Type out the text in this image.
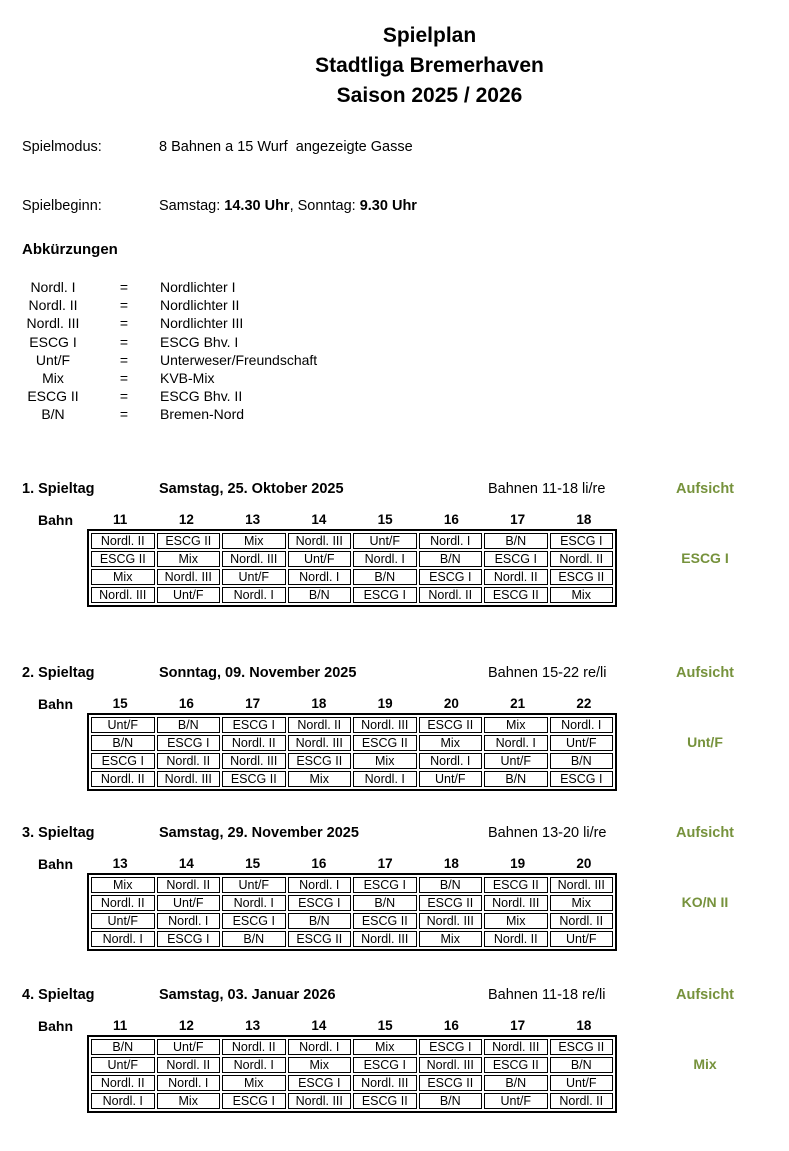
Spielplan
Stadtliga Bremerhaven
Saison 2025 / 2026
Spielmodus:	8 Bahnen a 15 Wurf  angezeigte Gasse
Spielbeginn:	Samstag: 14.30 Uhr, Sonntag: 9.30 Uhr
Abkürzungen
Nordl. I	=	Nordlichter I
Nordl. II	=	Nordlichter II
Nordl. III	=	Nordlichter III
ESCG I	=	ESCG Bhv. I
Unt/F	=	Unterweser/Freundschaft
Mix	=	KVB-Mix
ESCG II	=	ESCG Bhv. II
B/N	=	Bremen-Nord
1. Spieltag	Samstag, 25. Oktober 2025	Bahnen 11-18 li/re	Aufsicht
Bahn	11	12	13	14	15	16	17	18
Nordl. II	ESCG II	Mix	Nordl. III	Unt/F	Nordl. I	B/N	ESCG I
ESCG II	Mix	Nordl. III	Unt/F	Nordl. I	B/N	ESCG I	Nordl. II
Mix	Nordl. III	Unt/F	Nordl. I	B/N	ESCG I	Nordl. II	ESCG II
Nordl. III	Unt/F	Nordl. I	B/N	ESCG I	Nordl. II	ESCG II	Mix
ESCG I
2. Spieltag	Sonntag, 09. November 2025	Bahnen 15-22 re/li	Aufsicht
Bahn	15	16	17	18	19	20	21	22
Unt/F	B/N	ESCG I	Nordl. II	Nordl. III	ESCG II	Mix	Nordl. I
B/N	ESCG I	Nordl. II	Nordl. III	ESCG II	Mix	Nordl. I	Unt/F
ESCG I	Nordl. II	Nordl. III	ESCG II	Mix	Nordl. I	Unt/F	B/N
Nordl. II	Nordl. III	ESCG II	Mix	Nordl. I	Unt/F	B/N	ESCG I
Unt/F
3. Spieltag	Samstag, 29. November 2025	Bahnen 13-20 li/re	Aufsicht
Bahn	13	14	15	16	17	18	19	20
Mix	Nordl. II	Unt/F	Nordl. I	ESCG I	B/N	ESCG II	Nordl. III
Nordl. II	Unt/F	Nordl. I	ESCG I	B/N	ESCG II	Nordl. III	Mix
Unt/F	Nordl. I	ESCG I	B/N	ESCG II	Nordl. III	Mix	Nordl. II
Nordl. I	ESCG I	B/N	ESCG II	Nordl. III	Mix	Nordl. II	Unt/F
KO/N II
4. Spieltag	Samstag, 03. Januar 2026	Bahnen 11-18 re/li	Aufsicht
Bahn	11	12	13	14	15	16	17	18
B/N	Unt/F	Nordl. II	Nordl. I	Mix	ESCG I	Nordl. III	ESCG II
Unt/F	Nordl. II	Nordl. I	Mix	ESCG I	Nordl. III	ESCG II	B/N
Nordl. II	Nordl. I	Mix	ESCG I	Nordl. III	ESCG II	B/N	Unt/F
Nordl. I	Mix	ESCG I	Nordl. III	ESCG II	B/N	Unt/F	Nordl. II
Mix
